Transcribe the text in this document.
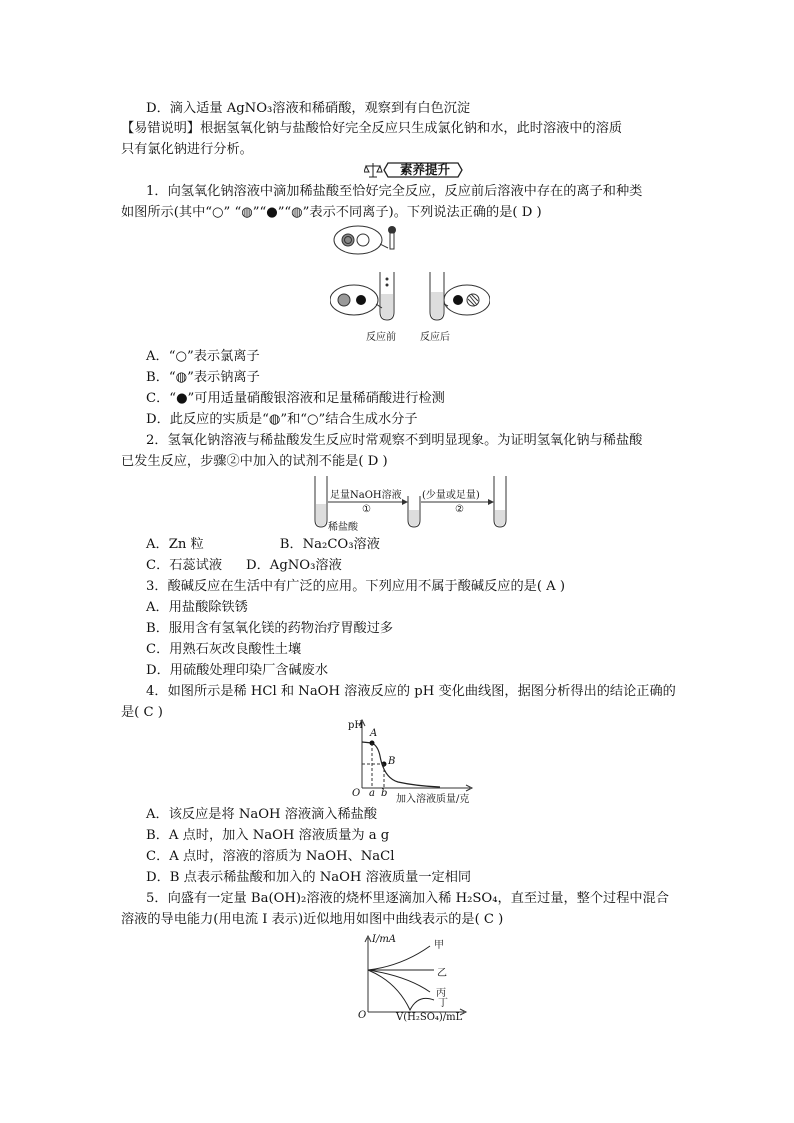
D．滴入适量 AgNO₃溶液和稀硝酸，观察到有白色沉淀
【易错说明】根据氢氧化钠与盐酸恰好完全反应只生成氯化钠和水，此时溶液中的溶质
只有氯化钠进行分析。
素养提升
1．向氢氧化钠溶液中滴加稀盐酸至恰好完全反应，反应前后溶液中存在的离子和种类
如图所示(其中“○” “◍”“●”“◍”表示不同离子)。下列说法正确的是( D )
反应前 反应后
A．“○”表示氯离子
B．“◍”表示钠离子
C．“●”可用适量硝酸银溶液和足量稀硝酸进行检测
D．此反应的实质是“◍”和“○”结合生成水分子
2．氢氧化钠溶液与稀盐酸发生反应时常观察不到明显现象。为证明氢氧化钠与稀盐酸
已发生反应，步骤②中加入的试剂不能是( D )
足量NaOH溶液
①
(少量或足量)
②
稀盐酸
A．Zn 粒	B．Na₂CO₃溶液
C．石蕊试液 D．AgNO₃溶液
3．酸碱反应在生活中有广泛的应用。下列应用不属于酸碱反应的是( A )
A．用盐酸除铁锈
B．服用含有氢氧化镁的药物治疗胃酸过多
C．用熟石灰改良酸性土壤
D．用硫酸处理印染厂含碱废水
4．如图所示是稀 HCl 和 NaOH 溶液反应的 pH 变化曲线图，据图分析得出的结论正确的
是( C )
pH
A
B
O a b
加入溶液质量/克
A．该反应是将 NaOH 溶液滴入稀盐酸
B．A 点时，加入 NaOH 溶液质量为 a g
C．A 点时，溶液的溶质为 NaOH、NaCl
D．B 点表示稀盐酸和加入的 NaOH 溶液质量一定相同
5．向盛有一定量 Ba(OH)₂溶液的烧杯里逐滴加入稀 H₂SO₄，直至过量，整个过程中混合
溶液的导电能力(用电流 I 表示)近似地用如图中曲线表示的是( C )
I/mA
甲
乙
丙
丁
O	V(H₂SO₄)/mL
